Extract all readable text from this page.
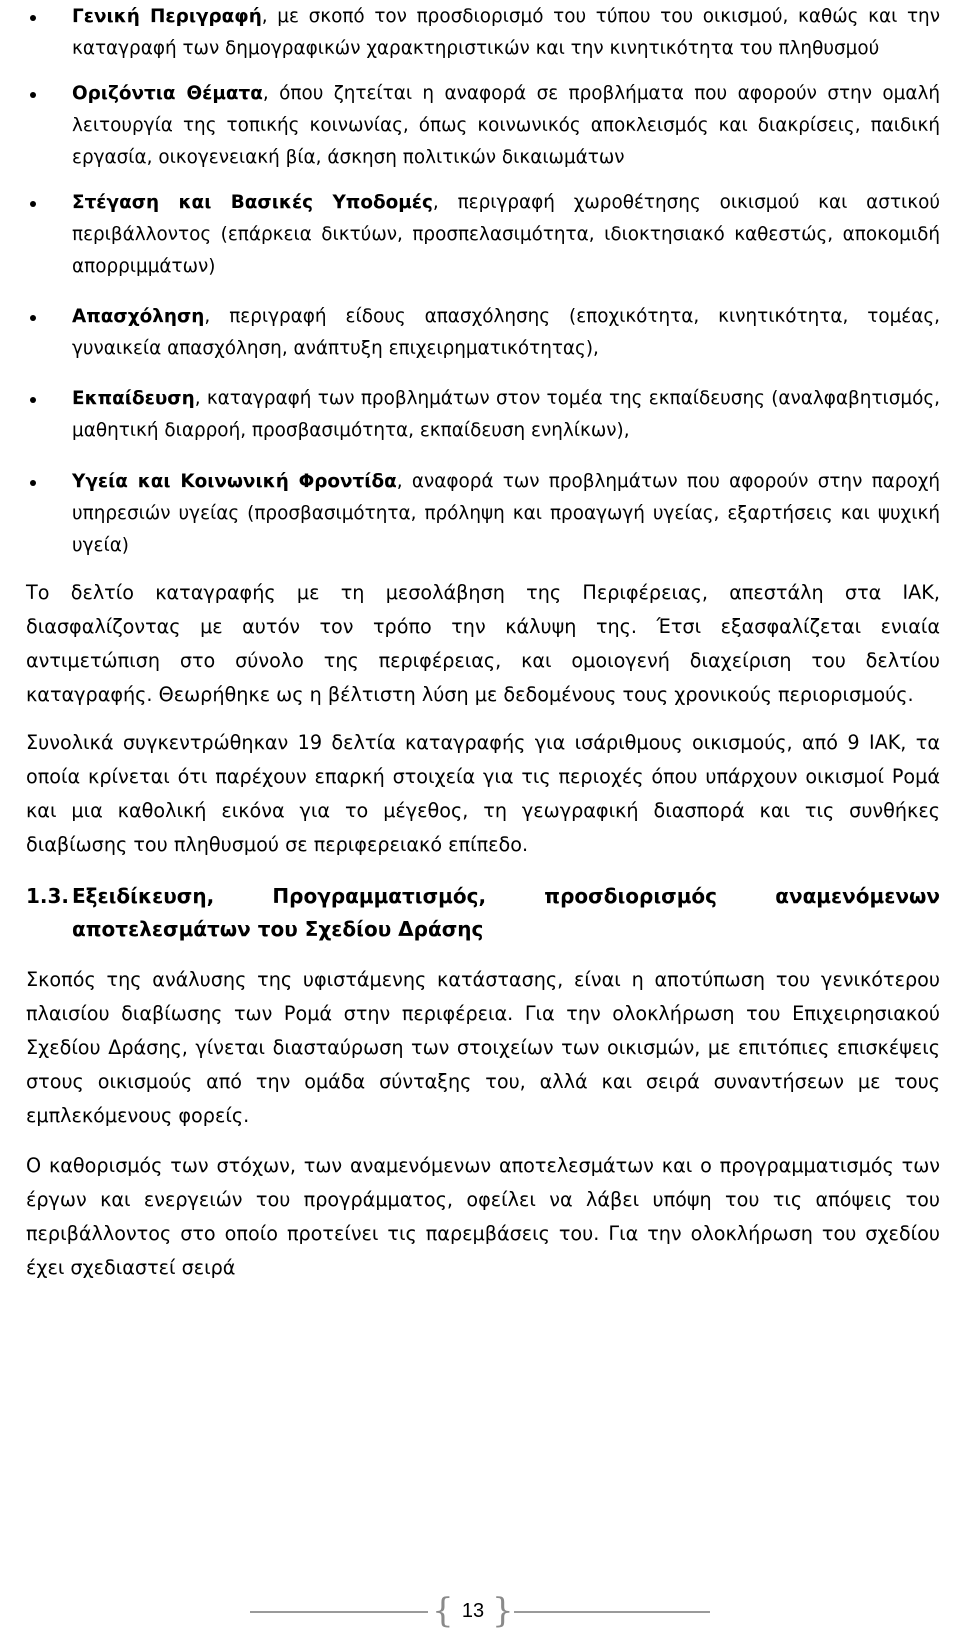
Γενική Περιγραφή, με σκοπό τον προσδιορισμό του τύπου του οικισμού, καθώς και την καταγραφή των δημογραφικών χαρακτηριστικών και την κινητικότητα του πληθυσμού
Οριζόντια Θέματα, όπου ζητείται η αναφορά σε προβλήματα που αφορούν στην ομαλή λειτουργία της τοπικής κοινωνίας, όπως κοινωνικός αποκλεισμός και διακρίσεις, παιδική εργασία, οικογενειακή βία, άσκηση πολιτικών δικαιωμάτων
Στέγαση και Βασικές Υποδομές, περιγραφή χωροθέτησης οικισμού και αστικού περιβάλλοντος (επάρκεια δικτύων, προσπελασιμότητα, ιδιοκτησιακό καθεστώς, αποκομιδή απορριμμάτων)
Απασχόληση, περιγραφή είδους απασχόλησης (εποχικότητα, κινητικότητα, τομέας, γυναικεία απασχόληση, ανάπτυξη επιχειρηματικότητας),
Εκπαίδευση, καταγραφή των προβλημάτων στον τομέα της εκπαίδευσης (αναλφαβητισμός, μαθητική διαρροή, προσβασιμότητα, εκπαίδευση ενηλίκων),
Υγεία και Κοινωνική Φροντίδα, αναφορά των προβλημάτων που αφορούν στην παροχή υπηρεσιών υγείας (προσβασιμότητα, πρόληψη και προαγωγή υγείας, εξαρτήσεις και ψυχική υγεία)

Το δελτίο καταγραφής με τη μεσολάβηση της Περιφέρειας, απεστάλη στα ΙΑΚ, διασφαλίζοντας με αυτόν τον τρόπο την κάλυψη της. Έτσι εξασφαλίζεται ενιαία αντιμετώπιση στο σύνολο της περιφέρειας, και ομοιογενή διαχείριση του δελτίου καταγραφής. Θεωρήθηκε ως η βέλτιστη λύση με δεδομένους τους χρονικούς περιορισμούς.

Συνολικά συγκεντρώθηκαν 19 δελτία καταγραφής για ισάριθμους οικισμούς, από 9 ΙΑΚ, τα οποία κρίνεται ότι παρέχουν επαρκή στοιχεία για τις περιοχές όπου υπάρχουν οικισμοί Ρομά και μια καθολική εικόνα για το μέγεθος, τη γεωγραφική διασπορά και τις συνθήκες διαβίωσης του πληθυσμού σε περιφερειακό επίπεδο.

1.3. Εξειδίκευση, Προγραμματισμός, προσδιορισμός αναμενόμενων αποτελεσμάτων του Σχεδίου Δράσης

Σκοπός της ανάλυσης της υφιστάμενης κατάστασης, είναι η αποτύπωση του γενικότερου πλαισίου διαβίωσης των Ρομά στην περιφέρεια. Για την ολοκλήρωση του Επιχειρησιακού Σχεδίου Δράσης, γίνεται διασταύρωση των στοιχείων των οικισμών, με επιτόπιες επισκέψεις στους οικισμούς από την ομάδα σύνταξης του, αλλά και σειρά συναντήσεων με τους εμπλεκόμενους φορείς.

Ο καθορισμός των στόχων, των αναμενόμενων αποτελεσμάτων και ο προγραμματισμός των έργων και ενεργειών του προγράμματος, οφείλει να λάβει υπόψη του τις απόψεις του περιβάλλοντος στο οποίο προτείνει τις παρεμβάσεις του. Για την ολοκλήρωση του σχεδίου έχει σχεδιαστεί σειρά

{ 13 }
